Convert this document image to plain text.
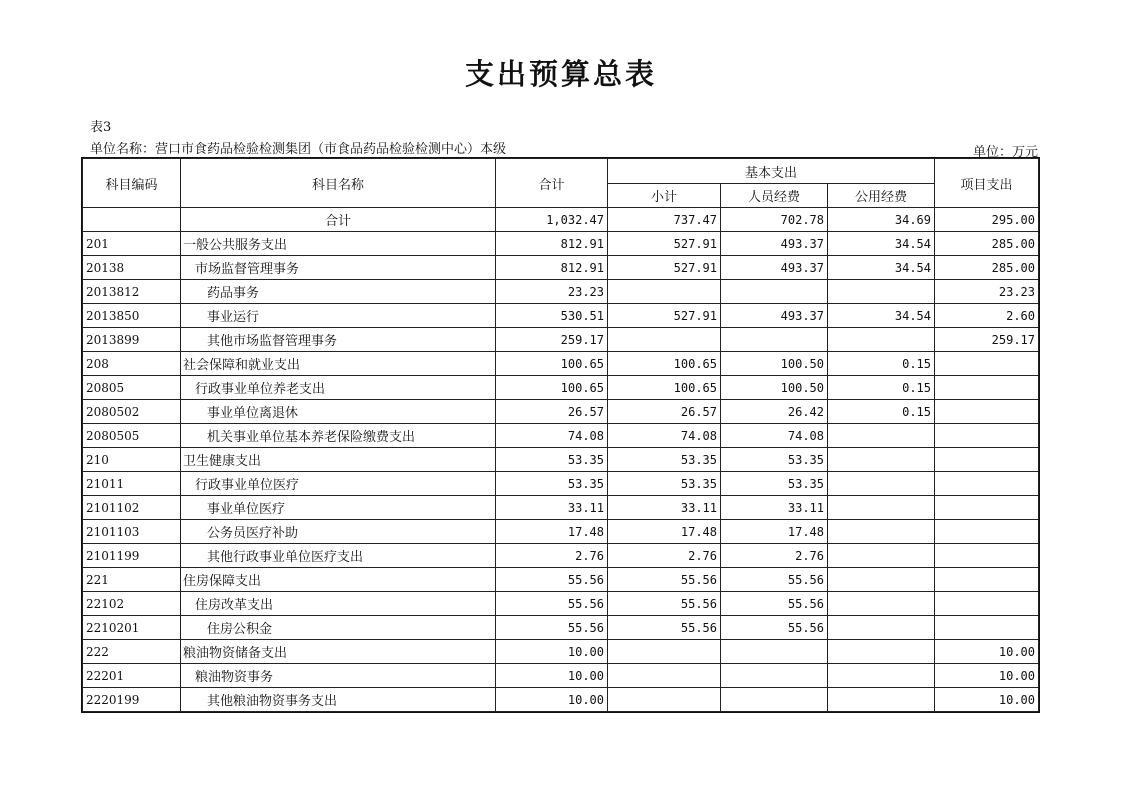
支出预算总表
表3
单位名称：营口市食药品检验检测集团（市食品药品检验检测中心）本级	单位：万元
科目编码	科目名称	合计	基本支出			项目支出
			小计	人员经费	公用经费	
	合计	1,032.47	737.47	702.78	34.69	295.00
201	一般公共服务支出	812.91	527.91	493.37	34.54	285.00
20138	市场监督管理事务	812.91	527.91	493.37	34.54	285.00
2013812	药品事务	23.23				23.23
2013850	事业运行	530.51	527.91	493.37	34.54	2.60
2013899	其他市场监督管理事务	259.17				259.17
208	社会保障和就业支出	100.65	100.65	100.50	0.15	
20805	行政事业单位养老支出	100.65	100.65	100.50	0.15	
2080502	事业单位离退休	26.57	26.57	26.42	0.15	
2080505	机关事业单位基本养老保险缴费支出	74.08	74.08	74.08		
210	卫生健康支出	53.35	53.35	53.35		
21011	行政事业单位医疗	53.35	53.35	53.35		
2101102	事业单位医疗	33.11	33.11	33.11		
2101103	公务员医疗补助	17.48	17.48	17.48		
2101199	其他行政事业单位医疗支出	2.76	2.76	2.76		
221	住房保障支出	55.56	55.56	55.56		
22102	住房改革支出	55.56	55.56	55.56		
2210201	住房公积金	55.56	55.56	55.56		
222	粮油物资储备支出	10.00				10.00
22201	粮油物资事务	10.00				10.00
2220199	其他粮油物资事务支出	10.00				10.00
